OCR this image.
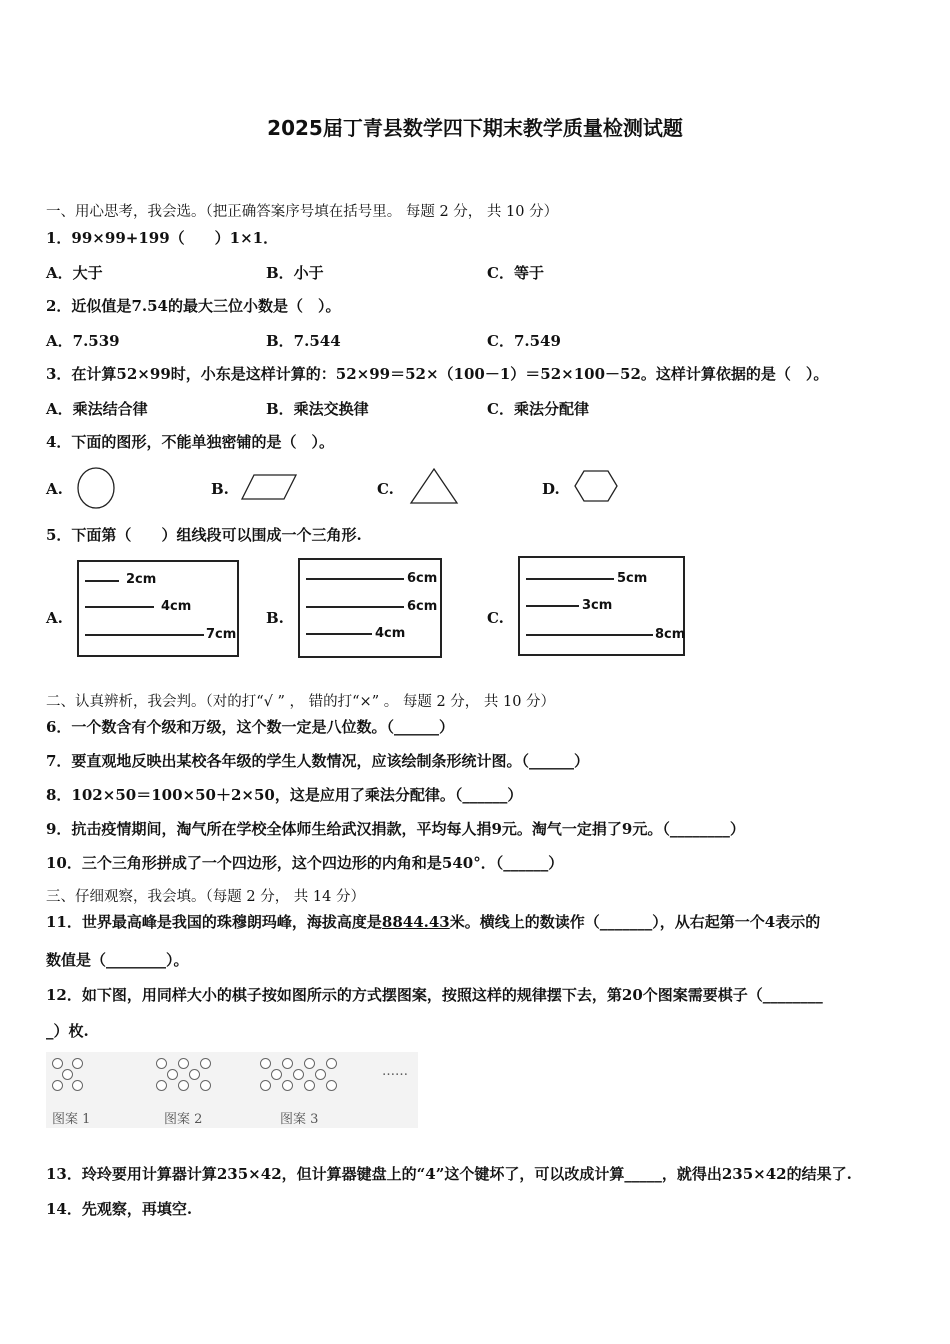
2025届丁青县数学四下期末教学质量检测试题
一、用心思考，我会选。（把正确答案序号填在括号里。 每题 2 分， 共 10 分）
1．99×99+199（　　）1×1．
A．大于	B．小于	C．等于
2．近似值是7.54的最大三位小数是（　）。
A．7.539	B．7.544	C．7.549
3．在计算52×99时，小东是这样计算的：52×99＝52×（100－1）＝52×100－52。这样计算依据的是（　）。
A．乘法结合律	B．乘法交换律	C．乘法分配律
4．下面的图形，不能单独密铺的是（　）。
A.	B.	C.	D.
5．下面第（　　）组线段可以围成一个三角形.
A.
2cm
4cm
7cm
B.
6cm
6cm
4cm
C.
5cm
3cm
8cm
二、认真辨析，我会判。（对的打“√ ” ， 错的打“×” 。 每题 2 分， 共 10 分）
6．一个数含有个级和万级，这个数一定是八位数。（______）
7．要直观地反映出某校各年级的学生人数情况，应该绘制条形统计图。（______）
8．102×50＝100×50＋2×50，这是应用了乘法分配律。（______）
9．抗击疫情期间，淘气所在学校全体师生给武汉捐款，平均每人捐9元。淘气一定捐了9元。（________）
10．三个三角形拼成了一个四边形，这个四边形的内角和是540°．（______）
三、仔细观察，我会填。（每题 2 分， 共 14 分）
11．世界最高峰是我国的珠穆朗玛峰，海拔高度是8844.43米。横线上的数读作（_______），从右起第一个4表示的
数值是（________）。
12．如下图，用同样大小的棋子按如图所示的方式摆图案，按照这样的规律摆下去，第20个图案需要棋子（________
_）枚.
……
图案 1	图案 2	图案 3
13．玲玲要用计算器计算235×42，但计算器键盘上的“4”这个键坏了，可以改成计算_____，就得出235×42的结果了.
14．先观察，再填空.
